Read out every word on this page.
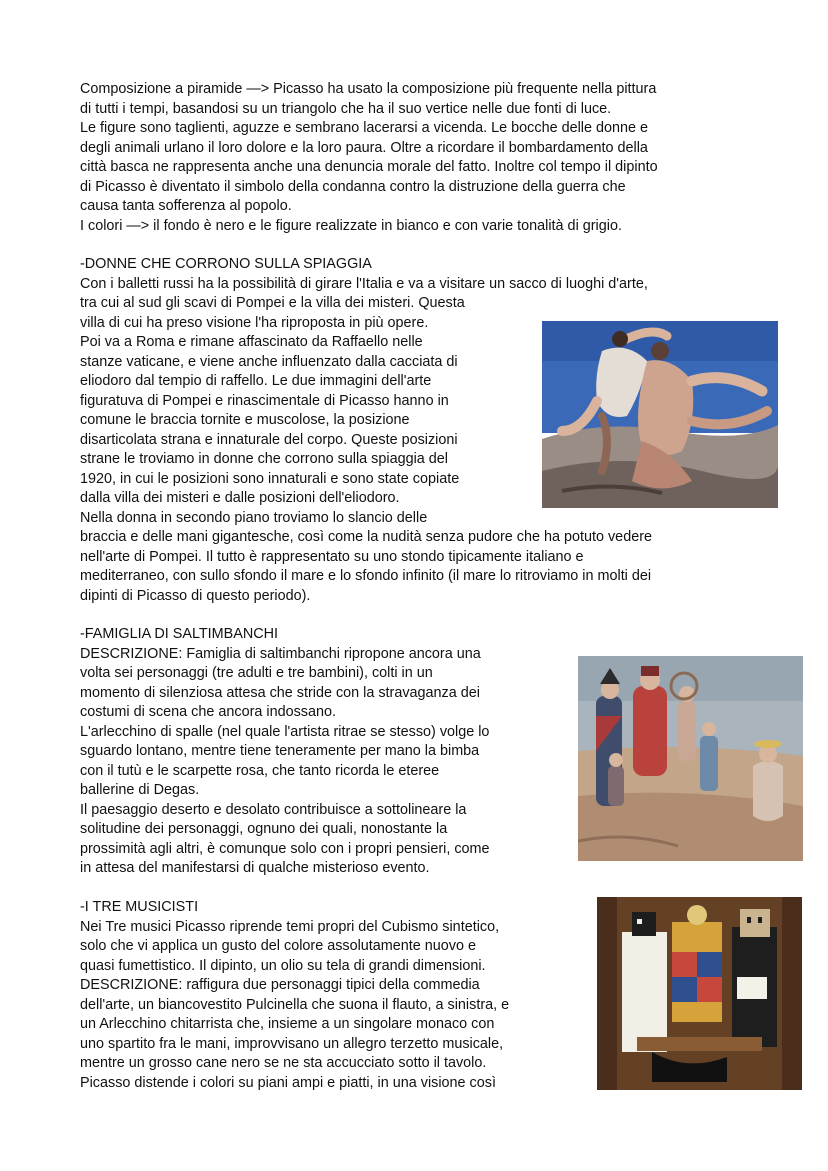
Composizione a piramide —> Picasso ha usato la composizione più frequente nella pittura

di tutti i tempi, basandosi su un triangolo che ha il suo vertice nelle due fonti di luce.

Le figure sono taglienti, aguzze e sembrano lacerarsi a vicenda. Le bocche delle donne e

degli animali urlano il loro dolore e la loro paura. Oltre a ricordare il bombardamento della

città basca ne rappresenta anche una denuncia morale del fatto. Inoltre col tempo il dipinto

di Picasso è diventato il simbolo della condanna contro la distruzione della guerra che

causa tanta sofferenza al popolo.

I colori —> il fondo è nero e le figure realizzate in bianco e con varie tonalità di grigio.

-DONNE CHE CORRONO SULLA SPIAGGIA

Con i balletti russi ha la possibilità di girare l'Italia e va a visitare un sacco di luoghi d'arte,

tra cui al sud gli scavi di Pompei e la villa dei misteri. Questa

villa di cui ha preso visione l'ha riproposta in più opere.

Poi va a Roma e rimane affascinato da Raffaello nelle

stanze vaticane, e viene anche influenzato dalla cacciata di

eliodoro dal tempio di raffello. Le due immagini dell'arte

figuratuva di Pompei e rinascimentale di Picasso hanno in

comune le braccia tornite e muscolose, la posizione

disarticolata strana e innaturale del corpo. Queste posizioni

strane le troviamo in donne che corrono sulla spiaggia del

1920, in cui le posizioni sono innaturali e sono state copiate

dalla villa dei misteri e dalle posizioni dell'eliodoro.

Nella donna in secondo piano troviamo lo slancio delle

braccia e delle mani gigantesche, così come la nudità senza pudore che ha potuto vedere

nell'arte di Pompei. Il tutto è rappresentato su uno stondo tipicamente italiano e

mediterraneo, con sullo sfondo il mare e lo sfondo infinito (il mare lo ritroviamo in molti dei

dipinti di Picasso di questo periodo).

-FAMIGLIA DI SALTIMBANCHI

DESCRIZIONE: Famiglia di saltimbanchi ripropone ancora una

volta sei personaggi (tre adulti e tre bambini), colti in un

momento di silenziosa attesa che stride con la stravaganza dei

costumi di scena che ancora indossano.

L'arlecchino di spalle (nel quale l'artista ritrae se stesso) volge lo

sguardo lontano, mentre tiene teneramente per mano la bimba

con il tutù e le scarpette rosa, che tanto ricorda le eteree

ballerine di Degas.

Il paesaggio deserto e desolato contribuisce a sottolineare la

solitudine dei personaggi, ognuno dei quali, nonostante la

prossimità agli altri, è comunque solo con i propri pensieri, come

in attesa del manifestarsi di qualche misterioso evento.

-I TRE MUSICISTI

Nei Tre musici Picasso riprende temi propri del Cubismo sintetico,

solo che vi applica un gusto del colore assolutamente nuovo e

quasi fumettistico. Il dipinto, un olio su tela di grandi dimensioni.

DESCRIZIONE: raffigura due personaggi tipici della commedia

dell'arte, un biancovestito Pulcinella che suona il flauto, a sinistra, e

un Arlecchino chitarrista che, insieme a un singolare monaco con

uno spartito fra le mani, improvvisano un allegro terzetto musicale,

mentre un grosso cane nero se ne sta accucciato sotto il tavolo.

Picasso distende i colori su piani ampi e piatti, in una visione così
